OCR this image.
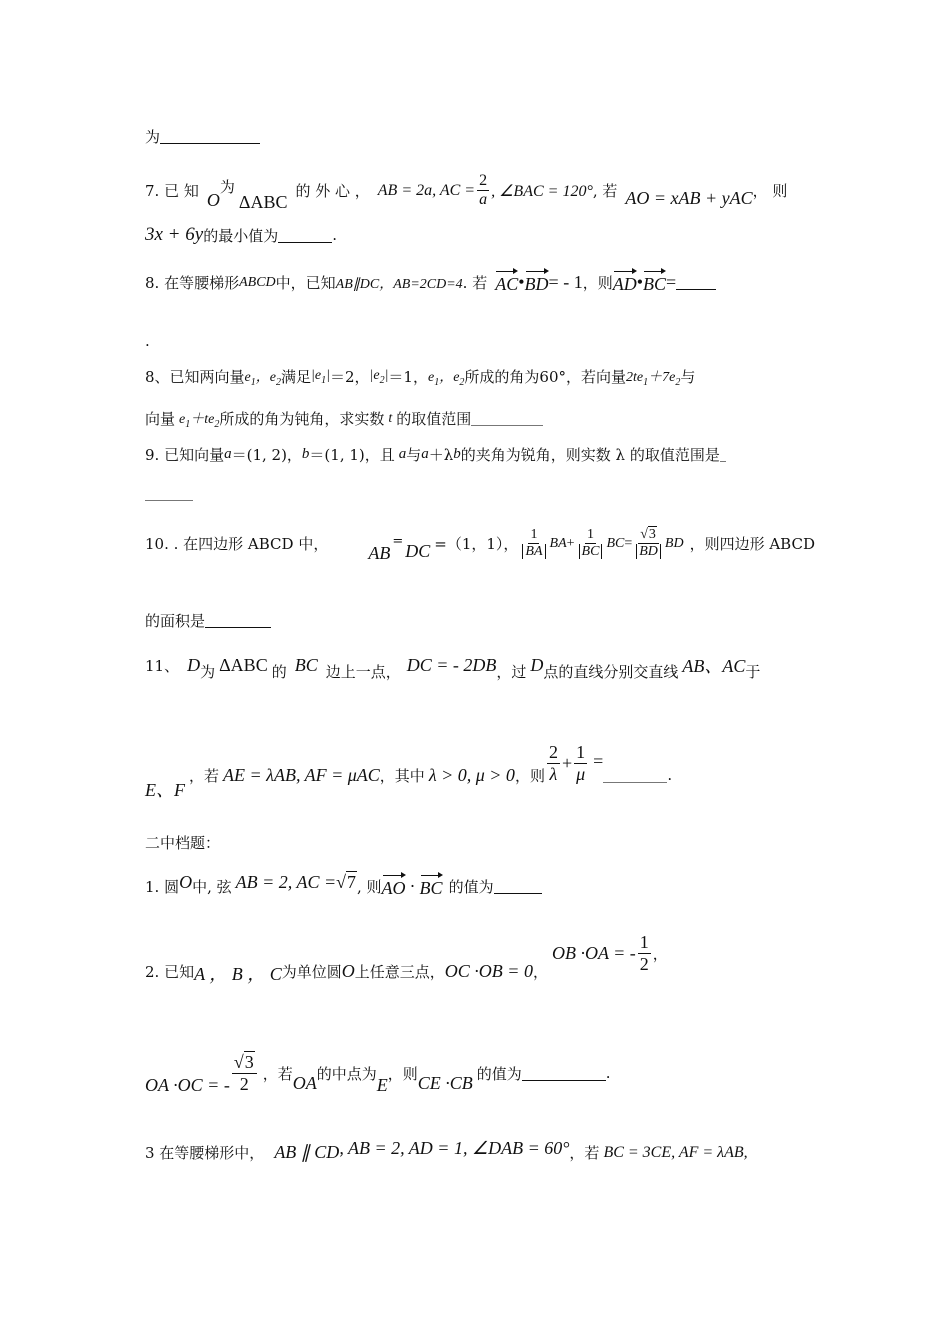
为
7. 已 知 O
为
ΔABC
的 外 心 ， AB = 2a, AC = $\frac{2}{a}$ , ∠BAC = 120° , 若 AO = xAB + yAC ， 则
3x + 6y 的最小值为	.
8. 在等腰梯形 ABCD 中，已知 AB∥DC，AB=2CD=4 . 若 AC • BD = - 1 ，则 AD • BC =
.
8、已知两向量 $e_1$，$e_2$ 满足 $|e_1| =2$， $|e_2| =1$， $e_1$，$e_2$ 所成的角为60°，若向量 $2te_1+7e_2$ 与
向量 $e_1+te_2$ 所成的角为钝角，求实数 t 的取值范围
9. 已知向量 a ＝(1, 2)， b ＝(1, 1)，且 a 与 a ＋λ b 的夹角为锐角，则实数 λ 的取值范围是
10. . 在四边形 ABCD 中， AB
= DC =（1，1）， $\frac{1}{BA}$ BA + $\frac{1}{BC}$ BC = $\frac{√3}{BD}$ BD ，则四边形 ABCD
的面积是
11、 D 为 ΔABC 的 BC 边上一点， DC = - 2DB ，过 D 点的直线分别交直线 AB、AC 于
E、F
，若 AE = λAB, AF = μAC ，其中 λ > 0, μ > 0 ，则 $\frac{2}{\lambda} + \frac{1}{\mu}$ =
.
二中档题：
1. 圆 O 中, 弦 AB = 2, AC = √7 , 则 AO · BC 的值为
2. 已知 A ， B ， C 为单位圆 O 上任意三点， OC ·OB = 0 ，
OB ·OA = - $\frac{1}{2}$ ，
OA ·OC = - $\frac{√3}{2}$ ，若 OA 的中点为
E
，则 CE ·CB 的值为	.
3 在等腰梯形中， AB ∥ CD , AB = 2, AD = 1, ∠DAB = 60° ，若 BC = 3CE, AF = λAB,
